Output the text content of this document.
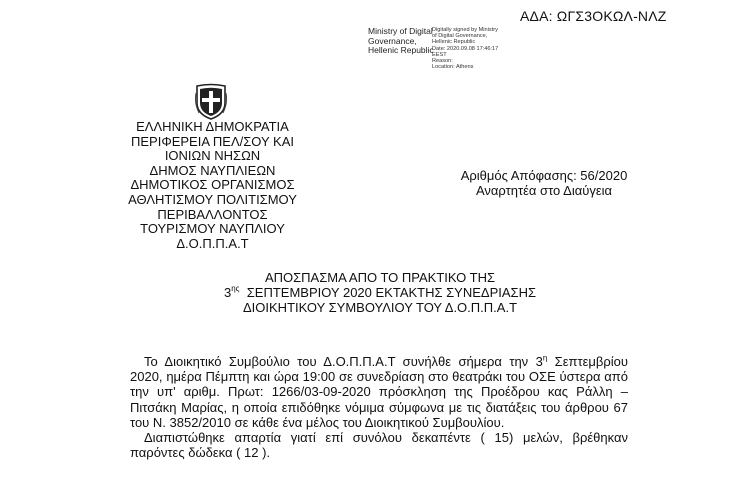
ΑΔΑ: ΩΓΣ3ΟΚΩΛ-ΝΛΖ
Ministry of Digital
Governance,
Hellenic Republic
Digitally signed by Ministry
of Digital Governance,
Hellenic Republic
Date: 2020.09.08 17:46:17
EEST
Reason:
Location: Athens
ΕΛΛΗΝΙΚΗ ΔΗΜΟΚΡΑΤΙΑ
ΠΕΡΙΦΕΡΕΙΑ ΠΕΛ/ΣΟΥ ΚΑΙ
ΙΟΝΙΩΝ ΝΗΣΩΝ
ΔΗΜΟΣ ΝΑΥΠΛΙΕΩΝ
ΔΗΜΟΤΙΚΟΣ ΟΡΓΑΝΙΣΜΟΣ
ΑΘΛΗΤΙΣΜΟΥ ΠΟΛΙΤΙΣΜΟΥ
ΠΕΡΙΒΑΛΛΟΝΤΟΣ
ΤΟΥΡΙΣΜΟΥ ΝΑΥΠΛΙΟΥ
Δ.Ο.Π.Π.Α.Τ
Αριθμός Απόφασης: 56/2020
Αναρτητέα στο Διαύγεια
ΑΠΟΣΠΑΣΜΑ ΑΠΟ ΤΟ ΠΡΑΚΤΙΚΟ ΤΗΣ
$3^{\eta\varsigma}$  ΣΕΠΤΕΜΒΡΙΟΥ 2020 ΕΚΤΑΚΤΗΣ ΣΥΝΕΔΡΙΑΣΗΣ
ΔΙΟΙΚΗΤΙΚΟΥ ΣΥΜΒΟΥΛΙΟΥ ΤΟΥ Δ.Ο.Π.Π.Α.Τ

Το Διοικητικό Συμβούλιο του Δ.Ο.Π.Π.Α.Τ συνήλθε σήμερα την $3^\eta$ Σεπτεμβρίου 2020, ημέρα Πέμπτη και ώρα 19:00 σε συνεδρίαση στο θεατράκι του ΟΣΕ ύστερα από την υπ' αριθμ. Πρωτ: 1266/03-09-2020 πρόσκληση της Προέδρου κας Ράλλη – Πιτσάκη Μαρίας, η οποία επιδόθηκε νόμιμα σύμφωνα με τις διατάξεις του άρθρου 67 του Ν. 3852/2010 σε κάθε ένα μέλος του Διοικητικού Συμβουλίου.

Διαπιστώθηκε απαρτία γιατί επί συνόλου δεκαπέντε ( 15) μελών, βρέθηκαν παρόντες δώδεκα ( 12 ).
